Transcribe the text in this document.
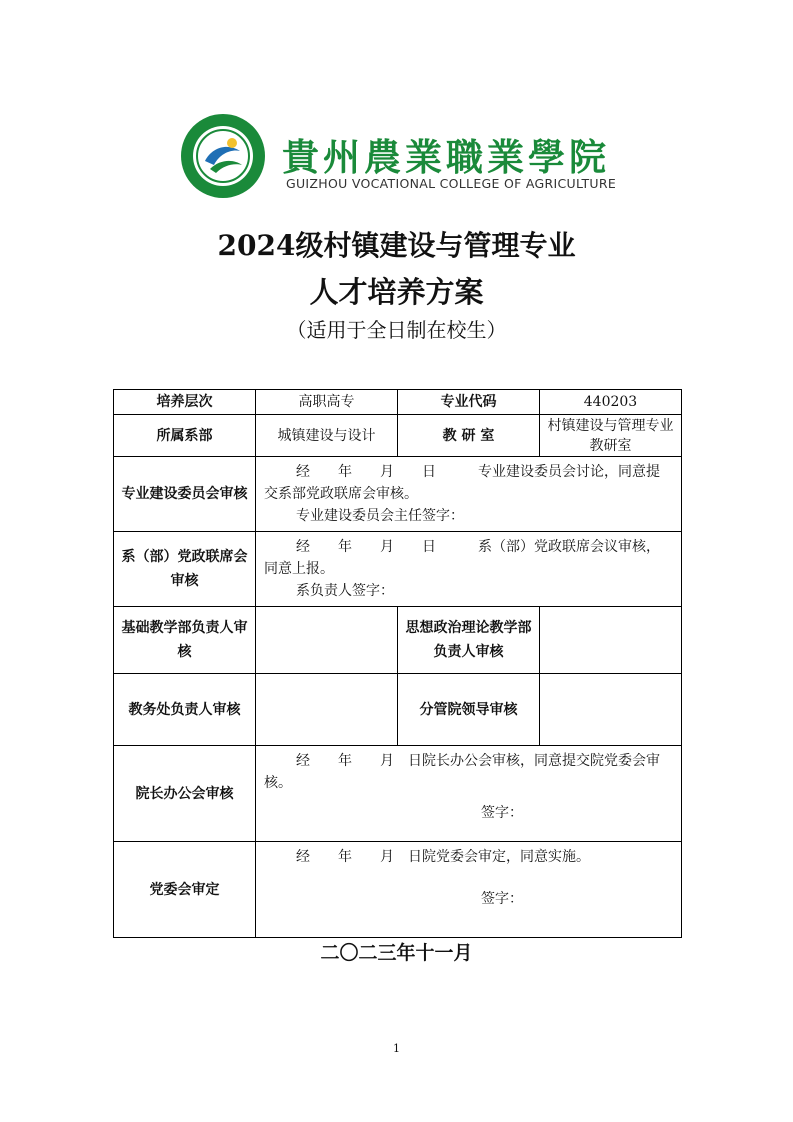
貴州農業職業學院
GUIZHOU VOCATIONAL COLLEGE OF AGRICULTURE
2024级村镇建设与管理专业
人才培养方案
（适用于全日制在校生）
培养层次	高职高专	专业代码	440203
所属系部	城镇建设与设计	教 研 室	村镇建设与管理专业教研室
专业建设委员会审核	经　　年　　月　　日　　　专业建设委员会讨论，同意提交系部党政联席会审核。
专业建设委员会主任签字：		

系（部）党政联席会审核	经　　年　　月　　日　　　系（部）党政联席会议审核，同意上报。
系负责人签字：		

基础教学部负责人审核		思想政治理论教学部负责人审核	
教务处负责人审核		分管院领导审核	
院长办公会审核	经　　年　　月　日院长办公会审核，同意提交院党委会审核。
签字：		

党委会审定	经　　年　　月　日院党委会审定，同意实施。
签字：		
二〇二三年十一月
1
